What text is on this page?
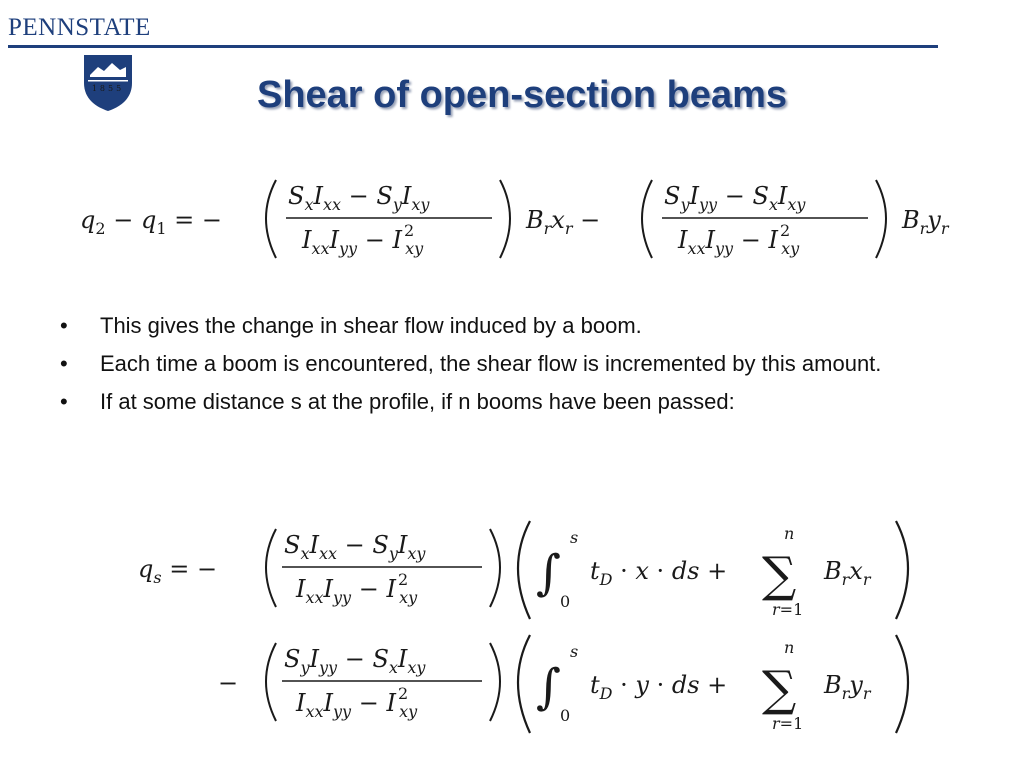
PENNSTATE
1855	Shear of open-section beams
$q_2 - q_1$ = −
$S_xI_{xx} - S_yI_{xy}$
$I_{xx}I_{yy} - I$ $^2$ xy
$B_rx_r$ −
$S_yI_{yy} - S_xI_{xy}$
$I_{xx}I_{yy} - I$ $^2$ xy
$B_ry_r$
• This gives the change in shear flow induced by a boom.
• Each time a boom is encountered, the shear flow is incremented by this amount.
• If at some distance s at the profile, if n booms have been passed:
$q_s$ = −
$S_xI_{xx} - S_yI_{xy}$
$I_{xx}I_{yy} - I$ $^2$ xy ∫
s
0
$t_D \cdot x$ · ds + ∑
n
r=1
$B_rx_r$
−
$S_yI_{yy} - S_xI_{xy}$
$I_{xx}I_{yy} - I$ $^2$ xy ∫
s
0
$t_D \cdot y$ · ds + ∑
n
r=1
$B_ry_r$
